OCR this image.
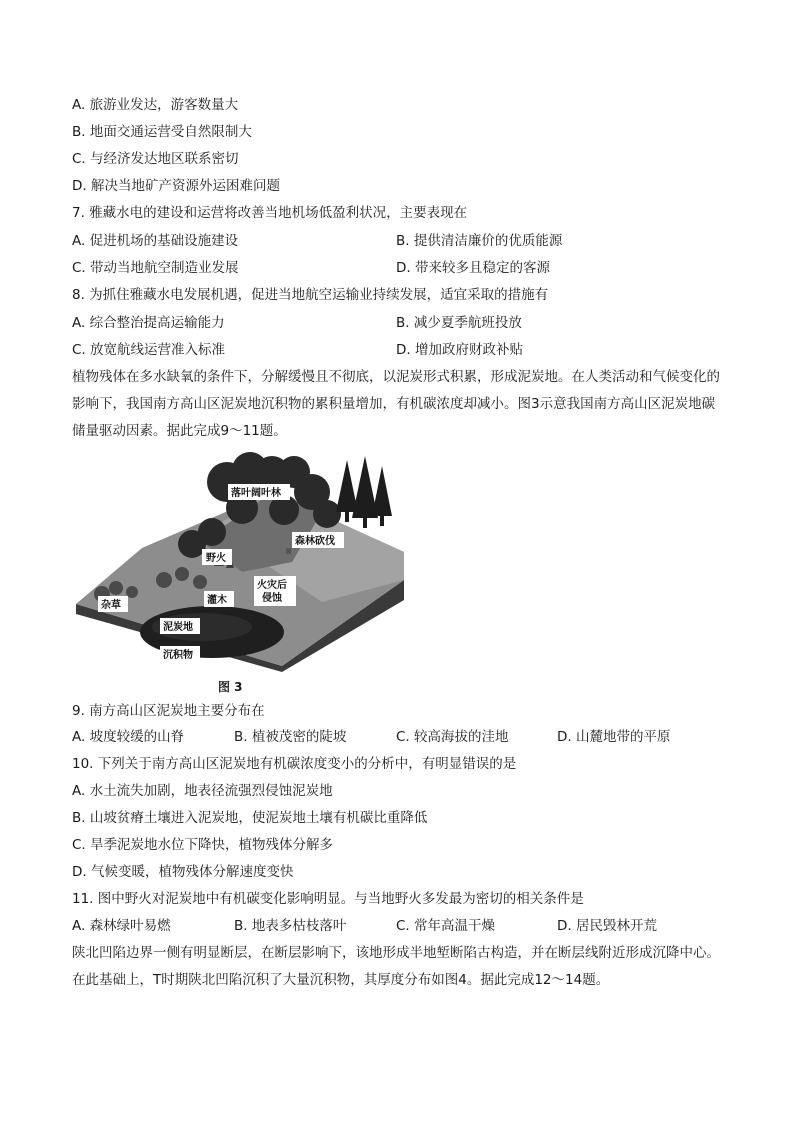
A. 旅游业发达，游客数量大
B. 地面交通运营受自然限制大
C. 与经济发达地区联系密切
D. 解决当地矿产资源外运困难问题
7. 雅藏水电的建设和运营将改善当地机场低盈利状况，主要表现在
A. 促进机场的基础设施建设	B. 提供清洁廉价的优质能源
C. 带动当地航空制造业发展	D. 带来较多且稳定的客源
8. 为抓住雅藏水电发展机遇，促进当地航空运输业持续发展，适宜采取的措施有
A. 综合整治提高运输能力	B. 减少夏季航班投放
C. 放宽航线运营准入标准	D. 增加政府财政补贴
植物残体在多水缺氧的条件下，分解缓慢且不彻底，以泥炭形式积累，形成泥炭地。在人类活动和气候变化的影响下，我国南方高山区泥炭地沉积物的累积量增加，有机碳浓度却减小。图3示意我国南方高山区泥炭地碳储量驱动因素。据此完成9～11题。
落叶阔叶林
森林砍伐
野火
火灾后
侵蚀
灌木
杂草
泥炭地
沉积物
图 3
9. 南方高山区泥炭地主要分布在
A. 坡度较缓的山脊	B. 植被茂密的陡坡	C. 较高海拔的洼地	D. 山麓地带的平原
10. 下列关于南方高山区泥炭地有机碳浓度变小的分析中，有明显错误的是
A. 水土流失加剧，地表径流强烈侵蚀泥炭地
B. 山坡贫瘠土壤进入泥炭地，使泥炭地土壤有机碳比重降低
C. 旱季泥炭地水位下降快，植物残体分解多
D. 气候变暖，植物残体分解速度变快
11. 图中野火对泥炭地中有机碳变化影响明显。与当地野火多发最为密切的相关条件是
A. 森林绿叶易燃	B. 地表多枯枝落叶	C. 常年高温干燥	D. 居民毁林开荒
陕北凹陷边界一侧有明显断层，在断层影响下，该地形成半地堑断陷古构造，并在断层线附近形成沉降中心。在此基础上，T时期陕北凹陷沉积了大量沉积物，其厚度分布如图4。据此完成12～14题。
